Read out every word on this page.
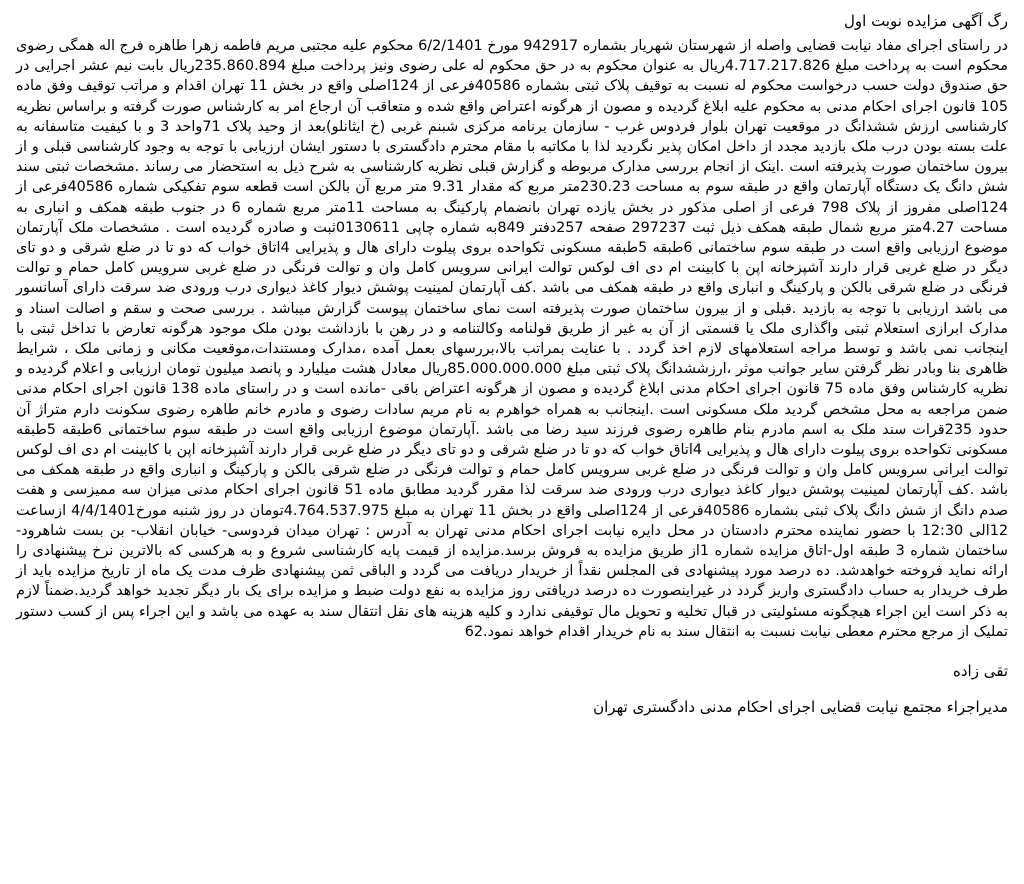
رگ آگهی مزایده نوبت اول

در راستای اجرای مفاد نیابت قضایی واصله از شهرستان شهریار بشماره 942917 مورخ 6/2/1401 محکوم علیه مجتبی مریم فاطمه زهرا طاهره فرج اله همگی رضوی محکوم است به پرداخت مبلغ 4.717.217.826ریال به عنوان محکوم به در حق محکوم له علی رضوی ونیز پرداخت مبلغ 235.860.894ریال بابت نیم عشر اجرایی در حق صندوق دولت حسب درخواست محکوم له نسبت به توقیف پلاک ثبتی بشماره 40586فرعی از 124اصلی واقع در بخش 11 تهران اقدام و مراتب توقیف وفق ماده 105 قانون اجرای احکام مدنی به محکوم علیه ابلاغ گردیده و مصون از هرگونه اعتراض واقع شده و متعاقب آن ارجاع امر به کارشناس صورت گرفته و براساس نظریه کارشناسی ارزش ششدانگ در موقعیت تهران بلوار فردوس غرب - سازمان برنامه مرکزی شبنم غربی (خ ایثانلو)بعد از وحید پلاک 71واحد 3 و با کیفیت متاسفانه به علت بسته بودن درب ملک بازدید مجدد از داخل امکان پذیر نگردید لذا با مکاتبه با مقام محترم دادگستری با دستور ایشان ارزیابی با توجه به وجود کارشناسی قبلی و از بیرون ساختمان صورت پذیرفته است .اینک از انجام بررسی مدارک مربوطه و گزارش قبلی نظریه کارشناسی به شرح ذیل به استحضار می رساند .مشخصات ثبتی سند شش دانگ یک دستگاه آپارتمان واقع در طبقه سوم به مساحت 230.23متر مربع که مقدار 9.31 متر مربع آن بالکن است قطعه سوم تفکیکی شماره 40586فرعی از 124اصلی مفروز از پلاک 798 فرعی از اصلی مذکور در بخش یازده تهران بانضمام پارکینگ به مساحت 11متر مربع شماره 6 در جنوب طبقه همکف و انباری به مساحت 4.27متر مربع شمال طبقه همکف ذیل ثبت 297237 صفحه 257دفتر 849به شماره چاپی 0130611ثبت و صادره گردیده است . مشخصات ملک آپارتمان موضوع ارزیابی واقع است در طبقه سوم ساختمانی 6طبقه 5طبقه مسکونی تکواحده بروی پیلوت دارای هال و پذیرایی 4اتاق خواب که دو تا در ضلع شرقی و دو تای دیگر در ضلع غربی قرار دارند آشپزخانه اپن با کابینت ام دی اف لوکس توالت ایرانی سرویس کامل وان و توالت فرنگی در ضلع غربی سرویس کامل حمام و توالت فرنگی در ضلع شرقی بالکن و پارکینگ و انباری واقع در طبقه همکف می باشد .کف آپارتمان لمینیت پوشش دیوار کاغذ دیواری درب ورودی ضد سرقت دارای آسانسور می باشد ارزیابی با توجه به بازدید .قبلی و از بیرون ساختمان صورت پذیرفته است نمای ساختمان پیوست گزارش میباشد . بررسی صحت و سقم و اصالت اسناد و مدارک ابرازی استعلام ثبتی واگذاری ملک یا قسمتی از آن به غیر از طریق قولنامه وکالتنامه و در رهن با بازداشت بودن ملک موجود هرگونه تعارض با تداخل ثبتی با اینجانب نمی باشد و توسط مراجه استعلامهای لازم اخذ گردد . با عنایت بمراتب بالا،بررسهای بعمل آمده ،مدارک ومستندات،موقعیت مکانی و زمانی ملک ، شرایط ظاهری بنا وبادر نظر گرفتن سایر جوانب موثر ،ارزششدانگ پلاک ثبتی مبلغ 85.000.000.000ریال معادل هشت میلیارد و پانصد میلیون تومان ارزیابی و اعلام گردیده و نظریه کارشناس وفق ماده 75 قانون اجرای احکام مدنی ابلاغ گردیده و مصون از هرگونه اعتراض باقی -مانده است و در راستای ماده 138 قانون اجرای احکام مدنی ضمن مراجعه به محل مشخص گردید ملک مسکونی است .اینجانب به همراه خواهرم به نام مریم سادات رضوی و مادرم خانم طاهره رضوی سکونت دارم متراژ آن حدود 235قرات سند ملک به اسم مادرم بنام طاهره رضوی فرزند سید رضا می باشد .آپارتمان موضوع ارزیابی واقع است در طبقه سوم ساختمانی 6طبقه 5طبقه مسکونی تکواحده بروی پیلوت دارای هال و پذیرایی 4اتاق خواب که دو تا در ضلع شرقی و دو تای دیگر در ضلع غربی قرار دارند آشپزخانه اپن با کابینت ام دی اف لوکس توالت ایرانی سرویس کامل وان و توالت فرنگی در ضلع غربی سرویس کامل حمام و توالت فرنگی در ضلع شرقی بالکن و پارکینگ و انباری واقع در طبقه همکف می باشد .کف آپارتمان لمینیت پوشش دیوار کاغذ دیواری درب ورودی ضد سرقت لذا مقرر گردید مطابق ماده 51 قانون اجرای احکام مدنی میزان سه ممیزسی و هفت صدم دانگ از شش دانگ پلاک ثبتی بشماره 40586فرعی از 124اصلی واقع در بخش 11 تهران به مبلغ 4.764.537.975تومان در روز شنبه مورخ4/4/1401 ازساعت 12الی 12:30 با حضور نماینده محترم دادستان در محل دایره نیابت اجرای احکام مدنی تهران به آدرس : تهران میدان فردوسی- خیابان انقلاب- بن بست شاهرود- ساختمان شماره 3 طبقه اول-اتاق مزایده شماره 1از طریق مزایده به فروش برسد.مزایده از قیمت پایه کارشناسی شروع و به هرکسی که بالاترین نرخ پیشنهادی را ارائه نماید فروخته خواهدشد. ده درصد مورد پیشنهادی فی المجلس نقداً از خریدار دریافت می گردد و الباقی ثمن پیشنهادی ظرف مدت یک ماه از تاریخ مزایده باید از طرف خریدار به حساب دادگستری واریز گردد در غیراینصورت ده درصد دریافتی روز مزایده به نفع دولت ضبط و مزایده برای یک بار دیگر تجدید خواهد گردید.ضمناً لازم به ذکر است این اجراء هیچگونه مسئولیتی در قبال تخلیه و تحویل مال توقیفی ندارد و کلیه هزینه های نقل انتقال سند به عهده می باشد و این اجراء پس از کسب دستور تملیک از مرجع محترم معطی نیابت نسبت به انتقال سند به نام خریدار اقدام خواهد نمود.62

تقی زاده
مدیراجراء مجتمع نیابت قضایی اجرای احکام مدنی دادگستری تهران
